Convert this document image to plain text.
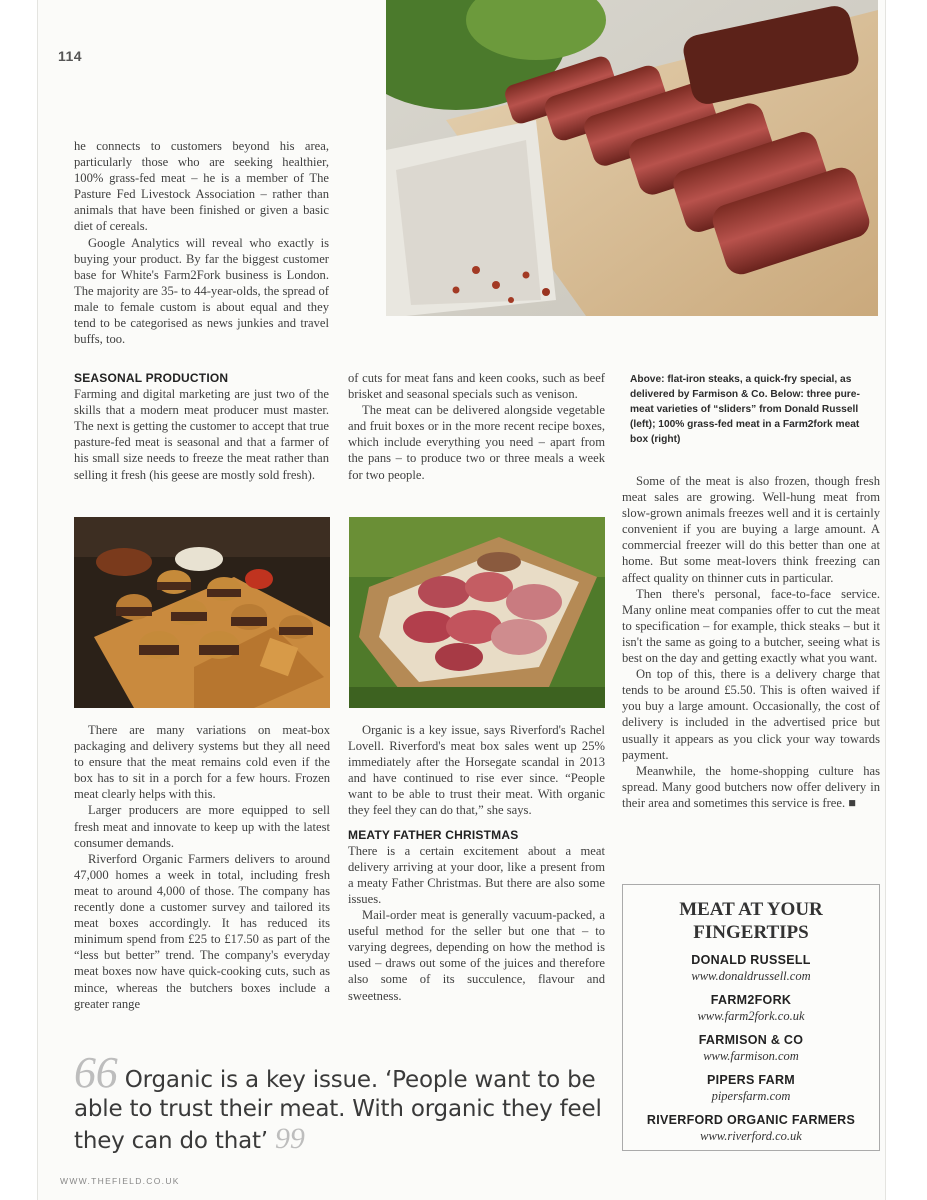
114

he connects to customers beyond his area, particularly those who are seeking healthier, 100% grass-fed meat – he is a member of The Pasture Fed Livestock Association – rather than animals that have been finished or given a basic diet of cereals.

Google Analytics will reveal who exactly is buying your product. By far the biggest customer base for White's Farm2Fork business is London. The majority are 35- to 44-year-olds, the spread of male to female custom is about equal and they tend to be categorised as news junkies and travel buffs, too.

SEASONAL PRODUCTION

Farming and digital marketing are just two of the skills that a modern meat producer must master. The next is getting the customer to accept that true pasture-fed meat is seasonal and that a farmer of his small size needs to freeze the meat rather than selling it fresh (his geese are mostly sold fresh).

of cuts for meat fans and keen cooks, such as beef brisket and seasonal specials such as venison.

The meat can be delivered alongside vegetable and fruit boxes or in the more recent recipe boxes, which include everything you need – apart from the pans – to produce two or three meals a week for two people.

Above: flat-iron steaks, a quick-fry special, as delivered by Farmison & Co. Below: three pure-meat varieties of “sliders” from Donald Russell (left); 100% grass-fed meat in a Farm2fork meat box (right)

Some of the meat is also frozen, though fresh meat sales are growing. Well-hung meat from slow-grown animals freezes well and it is certainly convenient if you are buying a large amount. A commercial freezer will do this better than one at home. But some meat-lovers think freezing can affect quality on thinner cuts in particular.

Then there's personal, face-to-face service. Many online meat companies offer to cut the meat to specification – for example, thick steaks – but it isn't the same as going to a butcher, seeing what is best on the day and getting exactly what you want.

On top of this, there is a delivery charge that tends to be around £5.50. This is often waived if you buy a large amount. Occasionally, the cost of delivery is included in the advertised price but usually it appears as you click your way towards payment.

Meanwhile, the home-shopping culture has spread. Many good butchers now offer delivery in their area and sometimes this service is free. ■

There are many variations on meat-box packaging and delivery systems but they all need to ensure that the meat remains cold even if the box has to sit in a porch for a few hours. Frozen meat clearly helps with this.

Larger producers are more equipped to sell fresh meat and innovate to keep up with the latest consumer demands.

Riverford Organic Farmers delivers to around 47,000 homes a week in total, including fresh meat to around 4,000 of those. The company has recently done a customer survey and tailored its meat boxes accordingly. It has reduced its minimum spend from £25 to £17.50 as part of the “less but better” trend. The company's everyday meat boxes now have quick-cooking cuts, such as mince, whereas the butchers boxes include a greater range

Organic is a key issue, says Riverford's Rachel Lovell. Riverford's meat box sales went up 25% immediately after the Horsegate scandal in 2013 and have continued to rise ever since. “People want to be able to trust their meat. With organic they feel they can do that,” she says.

MEATY FATHER CHRISTMAS

There is a certain excitement about a meat delivery arriving at your door, like a present from a meaty Father Christmas. But there are also some issues.

Mail-order meat is generally vacuum-packed, a useful method for the seller but one that – to varying degrees, depending on how the method is used – draws out some of the juices and therefore also some of its succulence, flavour and sweetness.

66 Organic is a key issue. ‘People want to be able to trust their meat. With organic they feel they can do that’ 99
MEAT AT YOUR FINGERTIPS
DONALD RUSSELL
www.donaldrussell.com
FARM2FORK
www.farm2fork.co.uk
FARMISON & CO
www.farmison.com
PIPERS FARM
pipersfarm.com
RIVERFORD ORGANIC FARMERS
www.riverford.co.uk
WWW.THEFIELD.CO.UK
